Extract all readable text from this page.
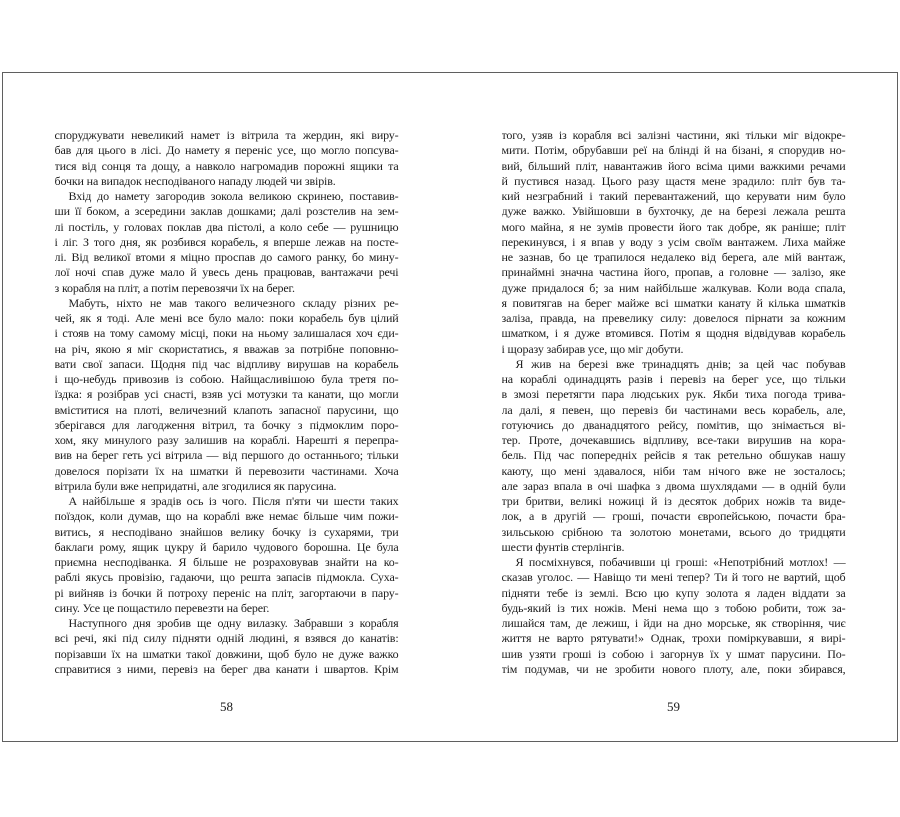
споруджувати невеликий намет із вітрила та жердин, які виру-
бав для цього в лісі. До намету я переніс усе, що могло попсува-
тися від сонця та дощу, а навколо нагромадив порожні ящики та
бочки на випадок несподіваного нападу людей чи звірів.
Вхід до намету загородив зокола великою скринею, поставив-
ши її боком, а зсередини заклав дошками; далі розстелив на зем-
лі постіль, у головах поклав два пістолі, а коло себе — рушницю
і ліг. З того дня, як розбився корабель, я вперше лежав на посте-
лі. Від великої втоми я міцно проспав до самого ранку, бо мину-
лої ночі спав дуже мало й увесь день працював, вантажачи речі
з корабля на пліт, а потім перевозячи їх на берег.
Мабуть, ніхто не мав такого величезного складу різних ре-
чей, як я тоді. Але мені все було мало: поки корабель був цілий
і стояв на тому самому місці, поки на ньому залишалася хоч єди-
на річ, якою я міг скористатись, я вважав за потрібне поповню-
вати свої запаси. Щодня під час відпливу вирушав на корабель
і що-небудь привозив із собою. Найщасливішою була третя по-
їздка: я розібрав усі снасті, взяв усі мотузки та канати, що могли
вміститися на плоті, величезний клапоть запасної парусини, що
зберігався для лагодження вітрил, та бочку з підмоклим поро-
хом, яку минулого разу залишив на кораблі. Нарешті я перепра-
вив на берег геть усі вітрила — від першого до останнього; тільки
довелося порізати їх на шматки й перевозити частинами. Хоча
вітрила були вже непридатні, але згодилися як парусина.
А найбільше я зрадів ось із чого. Після п'яти чи шести таких
поїздок, коли думав, що на кораблі вже немає більше чим пожи-
витись, я несподівано знайшов велику бочку із сухарями, три
баклаги рому, ящик цукру й барило чудового борошна. Це була
приємна несподіванка. Я більше не розраховував знайти на ко-
раблі якусь провізію, гадаючи, що решта запасів підмокла. Суха-
рі вийняв із бочки й потроху переніс на пліт, загортаючи в пару-
сину. Усе це пощастило перевезти на берег.
Наступного дня зробив ще одну вилазку. Забравши з корабля
всі речі, які під силу підняти одній людині, я взявся до канатів:
порізавши їх на шматки такої довжини, щоб було не дуже важко
справитися з ними, перевіз на берег два канати і швартов. Крім
58
того, узяв із корабля всі залізні частини, які тільки міг відокре-
мити. Потім, обрубавши реї на блінді й на бізані, я спорудив но-
вий, більший пліт, навантажив його всіма цими важкими речами
й пустився назад. Цього разу щастя мене зрадило: пліт був та-
кий незграбний і такий перевантажений, що керувати ним було
дуже важко. Увійшовши в бухточку, де на березі лежала решта
мого майна, я не зумів провести його так добре, як раніше; пліт
перекинувся, і я впав у воду з усім своїм вантажем. Лиха майже
не зазнав, бо це трапилося недалеко від берега, але мій вантаж,
принаймні значна частина його, пропав, а головне — залізо, яке
дуже придалося б; за ним найбільше жалкував. Коли вода спала,
я повитягав на берег майже всі шматки канату й кілька шматків
заліза, правда, на превелику силу: довелося пірнати за кожним
шматком, і я дуже втомився. Потім я щодня відвідував корабель
і щоразу забирав усе, що міг добути.
Я жив на березі вже тринадцять днів; за цей час побував
на кораблі одинадцять разів і перевіз на берег усе, що тільки
в змозі перетягти пара людських рук. Якби тиха погода трива-
ла далі, я певен, що перевіз би частинами весь корабель, але,
готуючись до дванадцятого рейсу, помітив, що знімається ві-
тер. Проте, дочекавшись відпливу, все-таки вирушив на кора-
бель. Під час попередніх рейсів я так ретельно обшукав нашу
каюту, що мені здавалося, ніби там нічого вже не зосталось;
але зараз впала в очі шафка з двома шухлядами — в одній були
три бритви, великі ножиці й із десяток добрих ножів та виде-
лок, а в другій — гроші, почасти європейською, почасти бра-
зильською срібною та золотою монетами, всього до тридцяти
шести фунтів стерлінгів.
Я посміхнувся, побачивши ці гроші: «Непотрібний мотлох! —
сказав уголос. — Навіщо ти мені тепер? Ти й того не вартий, щоб
підняти тебе із землі. Всю цю купу золота я ладен віддати за
будь-який із тих ножів. Мені нема що з тобою робити, тож за-
лишайся там, де лежиш, і йди на дно морське, як створіння, чиє
життя не варто рятувати!» Однак, трохи поміркувавши, я вирі-
шив узяти гроші із собою і загорнув їх у шмат парусини. По-
тім подумав, чи не зробити нового плоту, але, поки збирався,
59
